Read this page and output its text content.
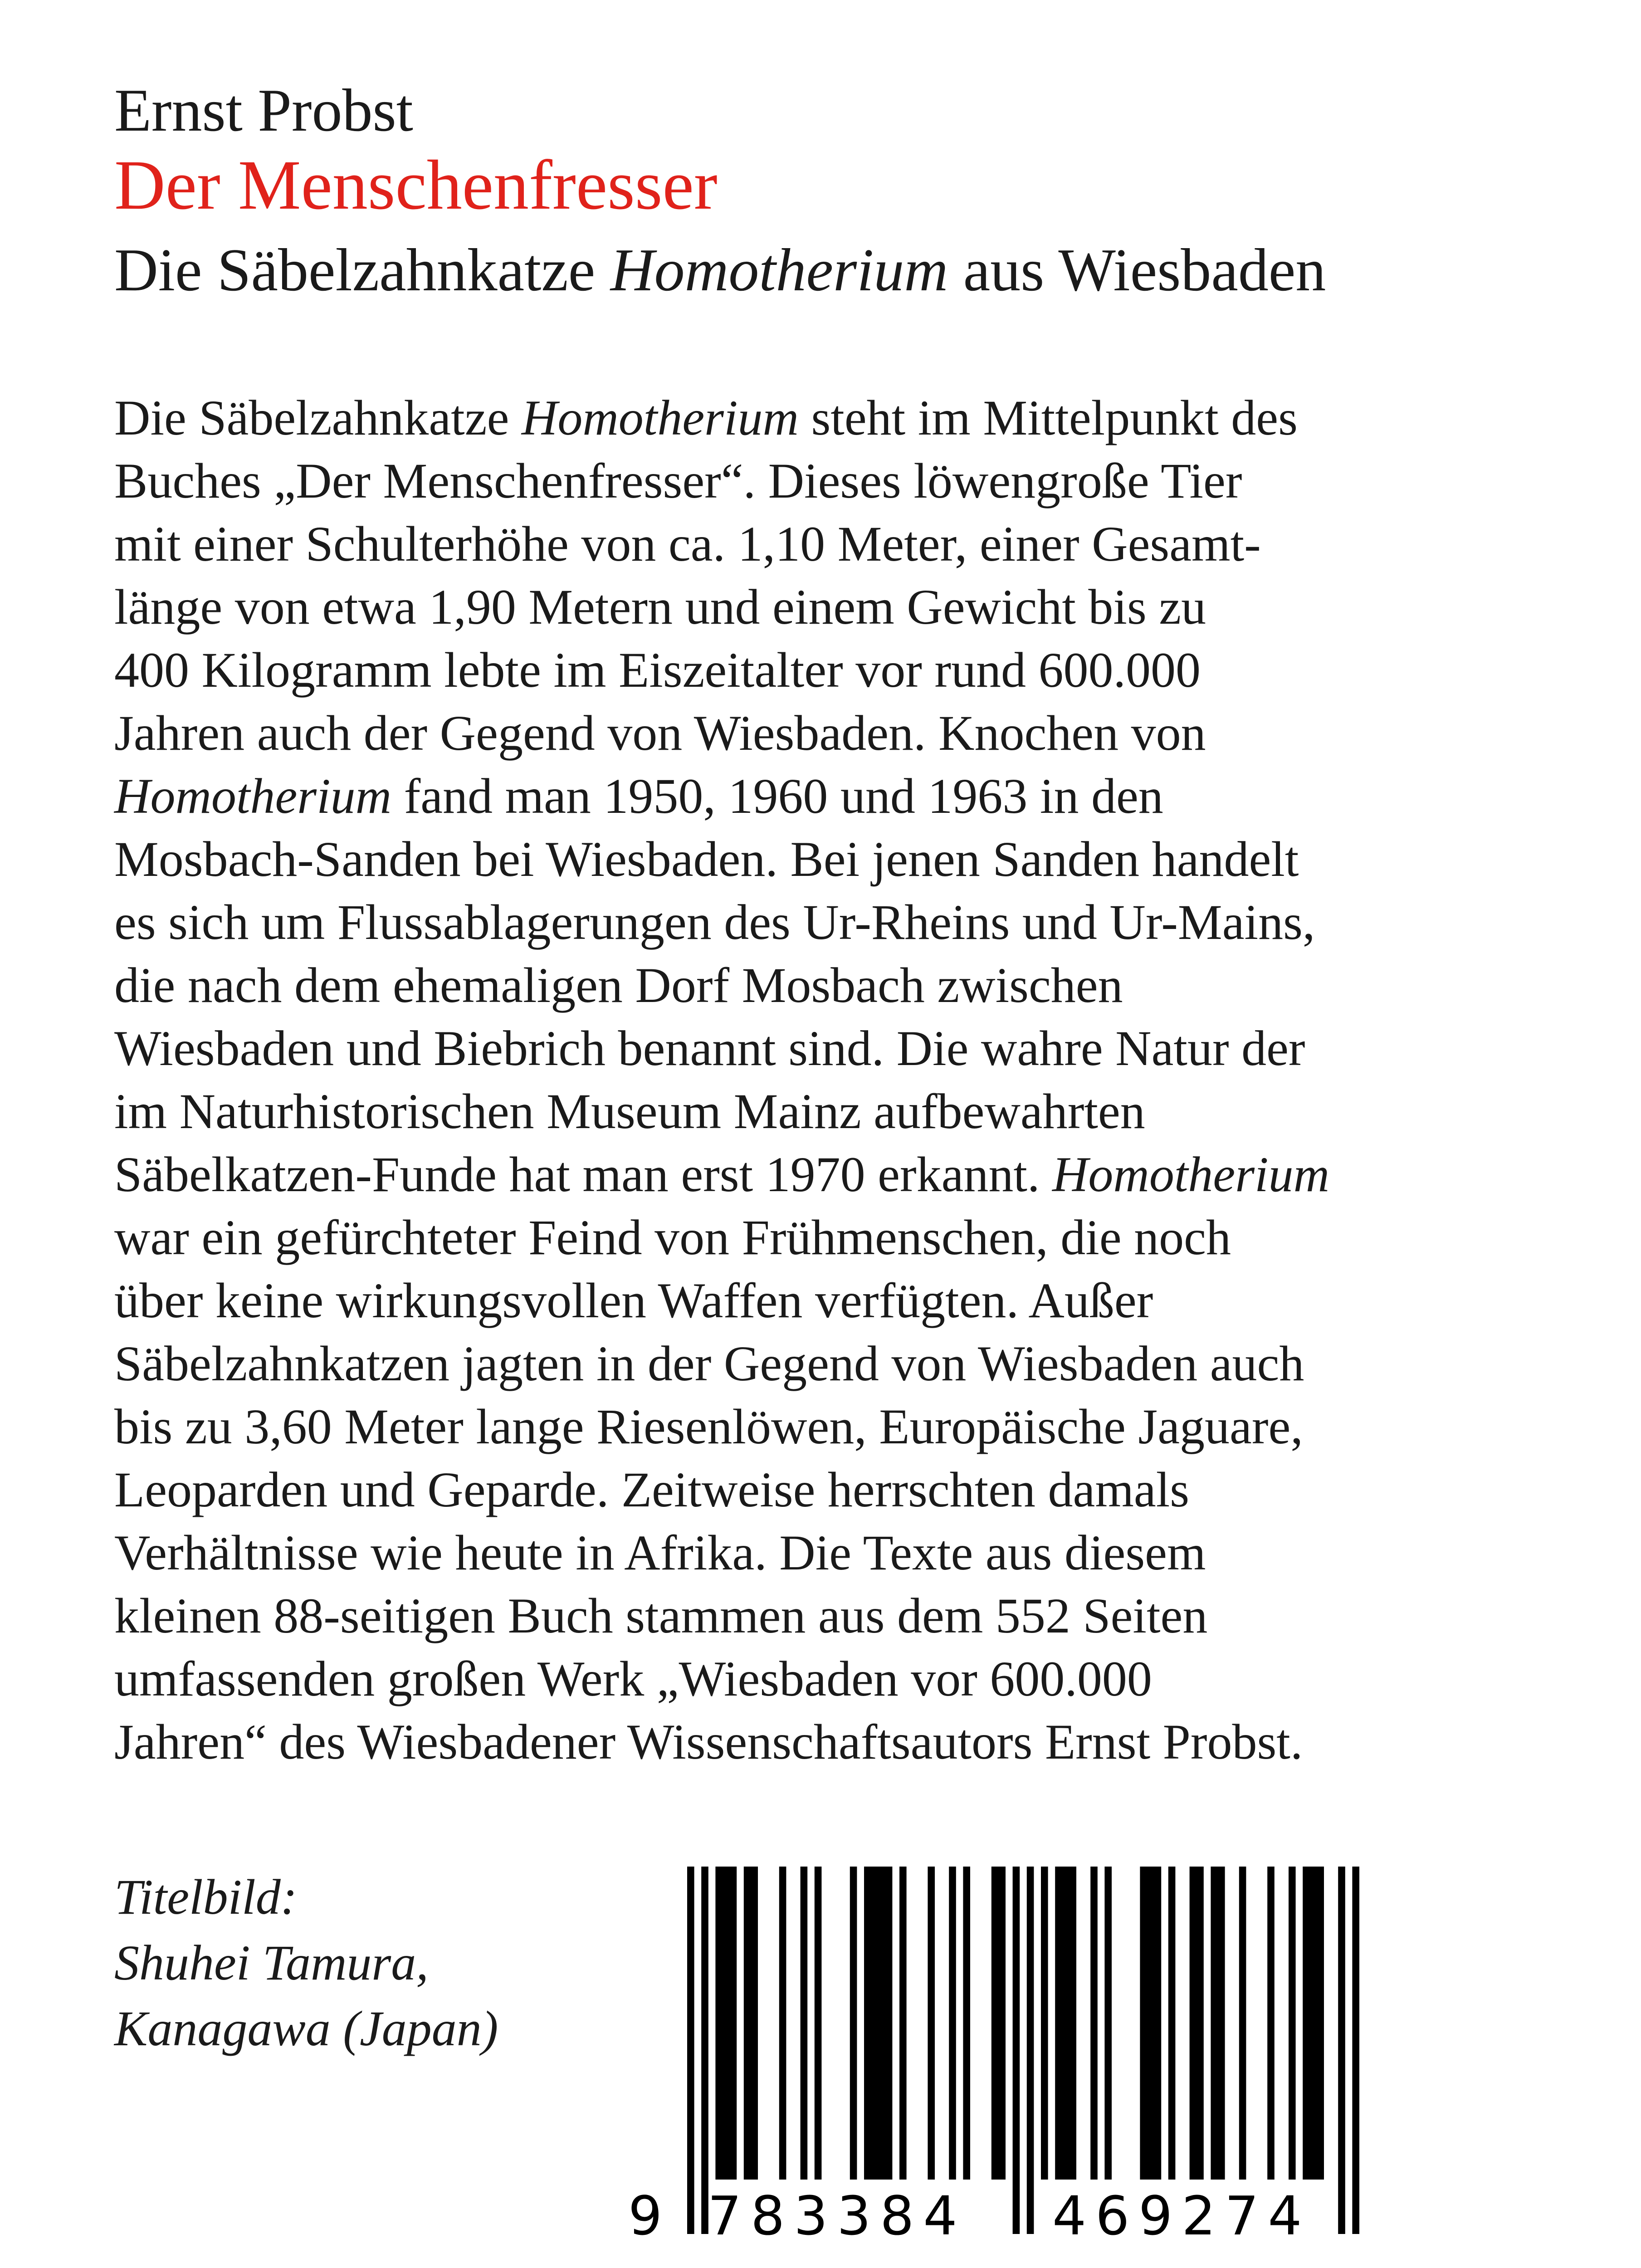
Ernst Probst
Der Menschenfresser
Die Säbelzahnkatze Homotherium aus Wiesbaden
Die Säbelzahnkatze Homotherium steht im Mittelpunkt des
Buches „Der Menschenfresser“. Dieses löwengroße Tier
mit einer Schulterhöhe von ca. 1,10 Meter, einer Gesamt-
länge von etwa 1,90 Metern und einem Gewicht bis zu
400 Kilogramm lebte im Eiszeitalter vor rund 600.000
Jahren auch der Gegend von Wiesbaden. Knochen von
Homotherium fand man 1950, 1960 und 1963 in den
Mosbach-Sanden bei Wiesbaden. Bei jenen Sanden handelt
es sich um Flussablagerungen des Ur-Rheins und Ur-Mains,
die nach dem ehemaligen Dorf Mosbach zwischen
Wiesbaden und Biebrich benannt sind. Die wahre Natur der
im Naturhistorischen Museum Mainz aufbewahrten
Säbelkatzen-Funde hat man erst 1970 erkannt. Homotherium
war ein gefürchteter Feind von Frühmenschen, die noch
über keine wirkungsvollen Waffen verfügten. Außer
Säbelzahnkatzen jagten in der Gegend von Wiesbaden auch
bis zu 3,60 Meter lange Riesenlöwen, Europäische Jaguare,
Leoparden und Geparde. Zeitweise herrschten damals
Verhältnisse wie heute in Afrika. Die Texte aus diesem
kleinen 88-seitigen Buch stammen aus dem 552 Seiten
umfassenden großen Werk „Wiesbaden vor 600.000
Jahren“ des Wiesbadener Wissenschaftsautors Ernst Probst.
Titelbild:
Shuhei Tamura,
Kanagawa (Japan)
9 783384 469274
